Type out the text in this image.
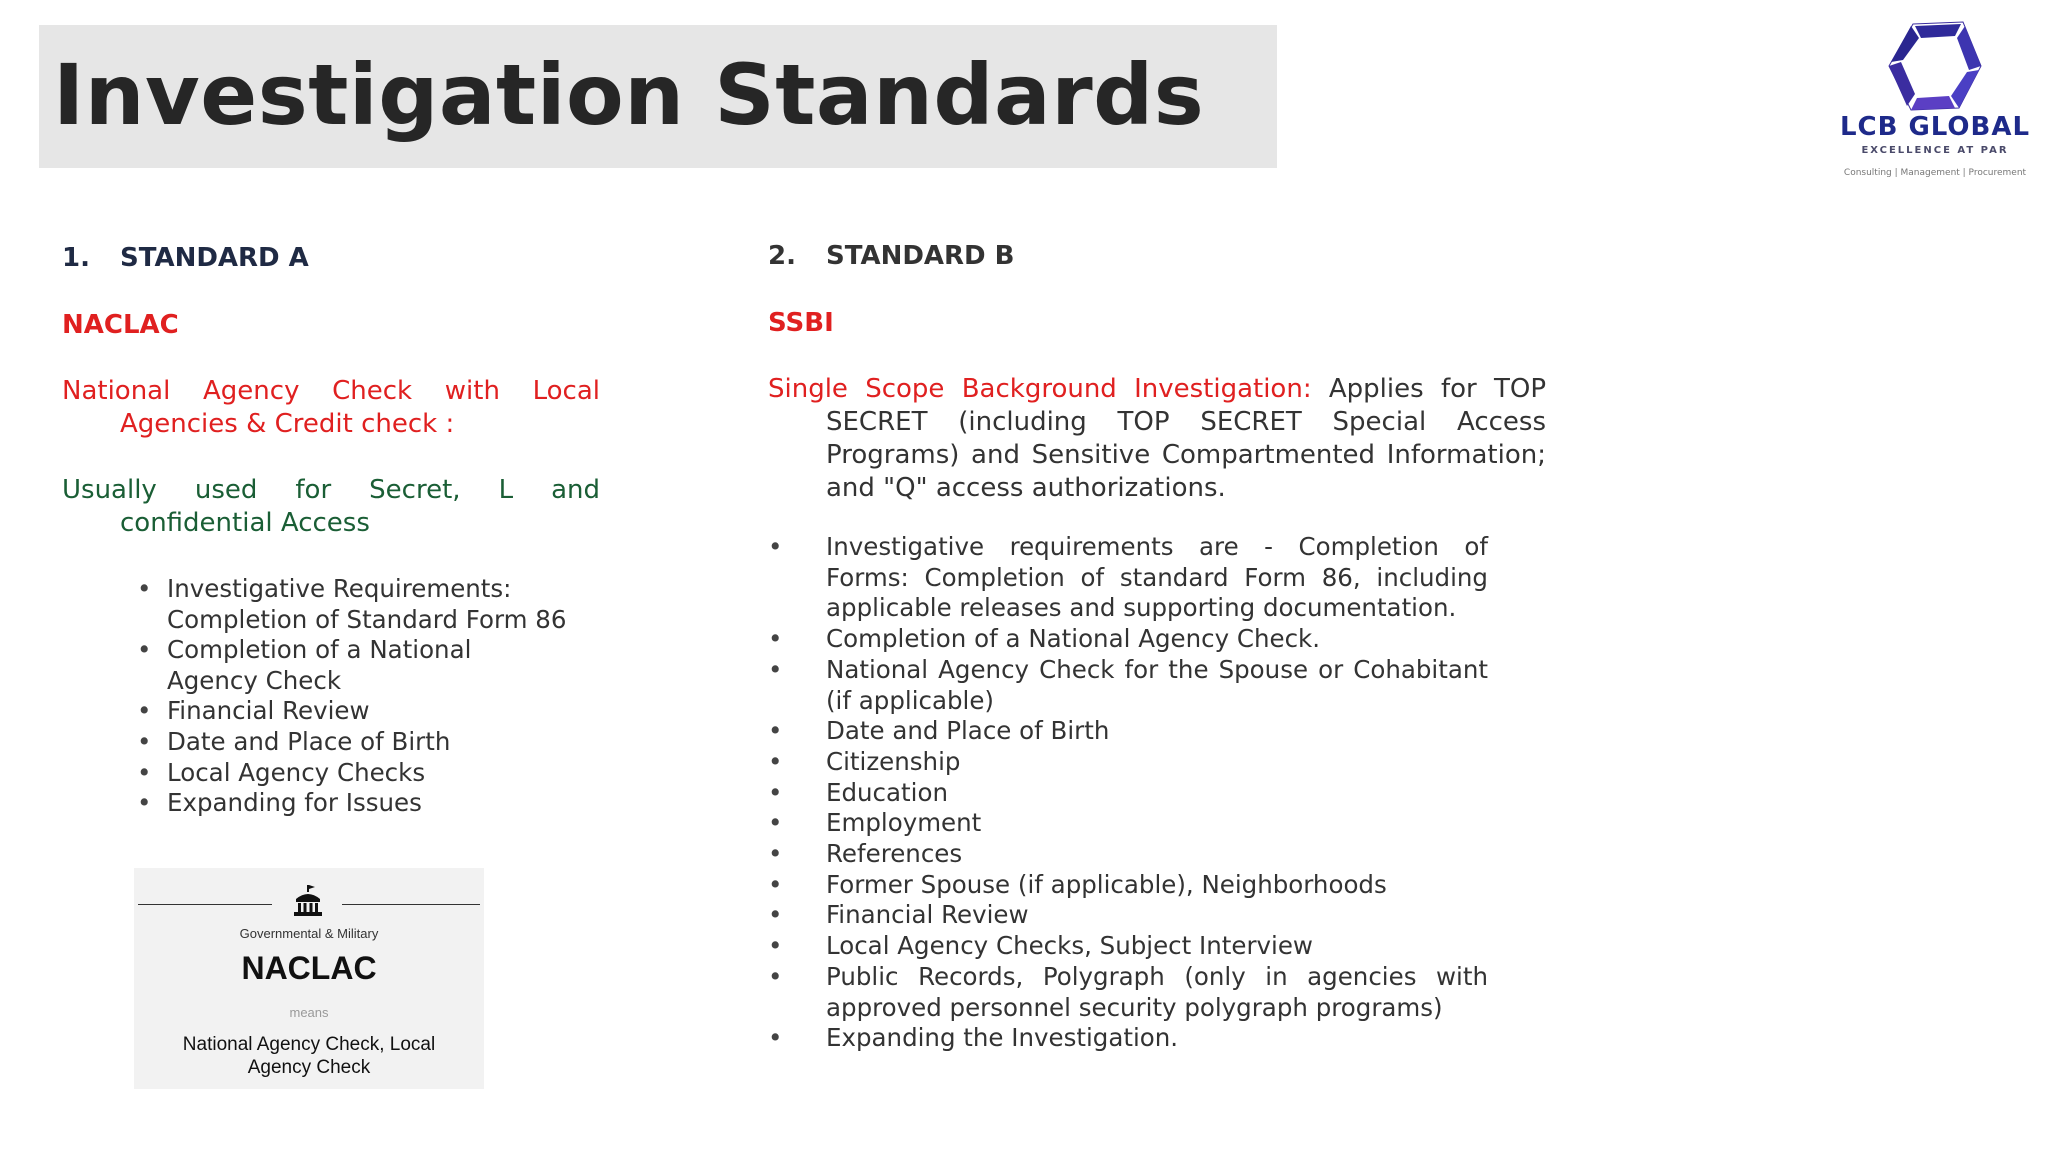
Investigation Standards	LCB GLOBAL
EXCELLENCE AT PAR
Consulting | Management | Procurement

1. STANDARD A

NACLAC

National Agency Check with Local Agencies & Credit check :

Usually used for Secret, L and confidential Access

• Investigative Requirements: Completion of Standard Form 86
• Completion of a National Agency Check
• Financial Review
• Date and Place of Birth
• Local Agency Checks
• Expanding for Issues

2. STANDARD B

SSBI

Single Scope Background Investigation: Applies for TOP SECRET (including TOP SECRET Special Access Programs) and Sensitive Compartmented Information; and "Q" access authorizations.

• Investigative requirements are - Completion of Forms: Completion of standard Form 86, including applicable releases and supporting documentation.
• Completion of a National Agency Check.
• National Agency Check for the Spouse or Cohabitant (if applicable)
• Date and Place of Birth
• Citizenship
• Education
• Employment
• References
• Former Spouse (if applicable), Neighborhoods
• Financial Review
• Local Agency Checks, Subject Interview
• Public Records, Polygraph (only in agencies with approved personnel security polygraph programs)
• Expanding the Investigation.
Governmental & Military
NACLAC
means
National Agency Check, Local Agency Check
